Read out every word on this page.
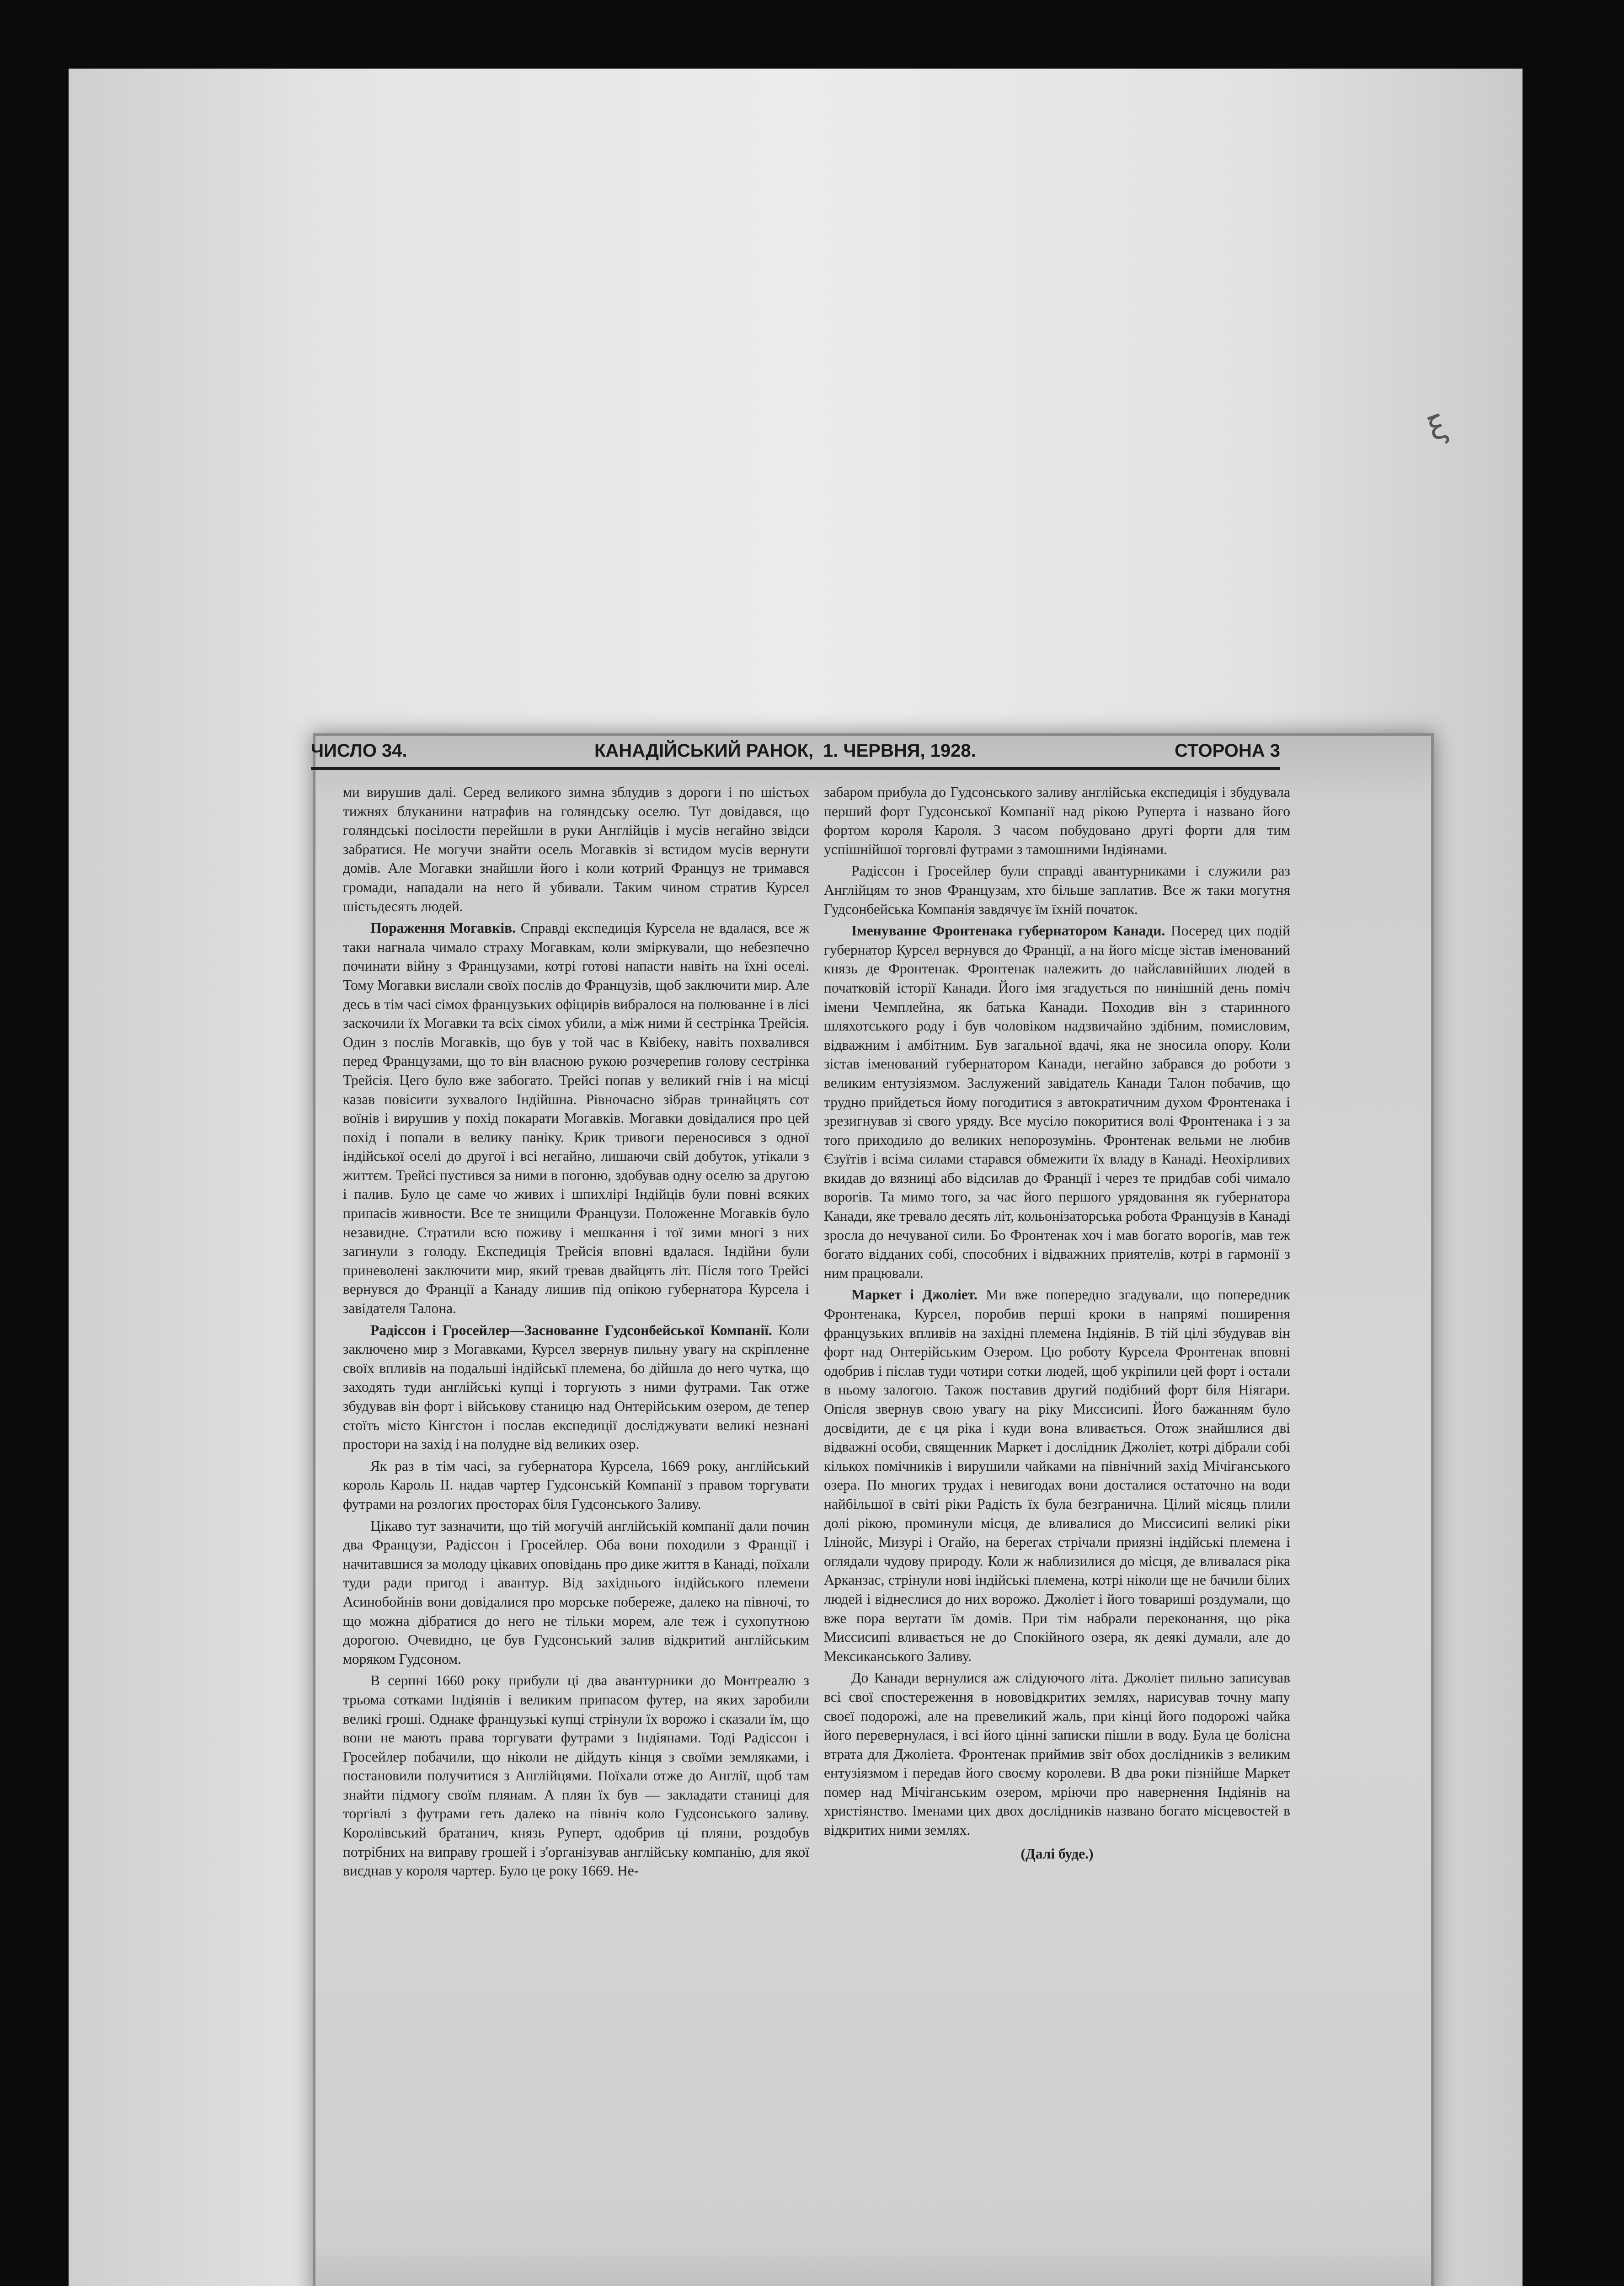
ξ
ЧИСЛО 34.	КАНАДІЙСЬКИЙ РАНОК, 1. ЧЕРВНЯ, 1928.	СТОРОНА 3

ми вирушив далі. Серед великого зимна зблудив з дороги і по шістьох тижнях блуканини натрафив на голяндську оселю. Тут довідався, що голяндські посілости перейшли в руки Англійців і мусів негайно звідси забратися. Не могучи знайти осель Могавків зі встидом мусів вернути домів. Але Могавки знайшли його і коли котрий Француз не тримався громади, нападали на него й убивали. Таким чином стратив Курсел шістьдесять людей.

Пораження Могавків. Справді експедиція Курсела не вдалася, все ж таки нагнала чимало страху Могавкам, коли зміркували, що небезпечно починати війну з Французами, котрі готові напасти навіть на їхні оселі. Тому Могавки вислали своїх послів до Французів, щоб заключити мир. Але десь в тім часі сімох французьких офіцирів вибралося на полюванне і в лісі заскочили їх Могавки та всіх сімох убили, а між ними й сестрінка Трейсія. Один з послів Могавків, що був у той час в Квібеку, навіть похвалився перед Французами, що то він власною рукою розчерепив голову сестрінка Трейсія. Цего було вже забогато. Трейсі попав у великий гнів і на місці казав повісити зухвалого Індійшна. Рівночасно зібрав тринайцять сот воїнів і вирушив у похід покарати Могавків. Могавки довідалися про цей похід і попали в велику паніку. Крик тривоги переносився з одної індійської оселі до другої і всі негайно, лишаючи свій добуток, утікали з життєм. Трейсі пустився за ними в погоню, здобував одну оселю за другою і палив. Було це саме чо живих і шпихлірі Індійців були повні всяких припасів живности. Все те знищили Французи. Положенне Могавків було незавидне. Стратили всю поживу і мешкання і тої зими многі з них загинули з голоду. Експедиція Трейсія вповні вдалася. Індійни були приневолені заключити мир, який тревав двайцять літ. Після того Трейсі вернувся до Франції а Канаду лишив під опікою губернатора Курсела і завідателя Талона.

Радіссон і Гросейлер—Заснованне Гудсонбейської Компанії. Коли заключено мир з Могавками, Курсел звернув пильну увагу на скріпленне своїх впливів на подальші індійськї племена, бо дійшла до него чутка, що заходять туди англійські купці і торгують з ними футрами. Так отже збудував він форт і військову станицю над Онтерійським озером, де тепер стоїть місто Кінгстон і послав експедиції досліджувати великі незнані простори на захід і на полудне від великих озер.

Як раз в тім часі, за губернатора Курсела, 1669 року, англійський король Кароль II. надав чартер Гудсонській Компанії з правом торгувати футрами на розлогих просторах біля Гудсонського Заливу.

Цікаво тут зазначити, що тій могучій англійській компанії дали почин два Французи, Радіссон і Гросейлер. Оба вони походили з Франції і начитавшися за молоду цікавих оповідань про дике життя в Канаді, поїхали туди ради пригод і авантур. Від західнього індійського племени Асинобойнів вони довідалися про морське побереже, далеко на півночі, то що можна дібратися до него не тільки морем, але теж і сухопутною дорогою. Очевидно, це був Гудсонський залив відкритий англійським моряком Гудсоном.

В серпні 1660 року прибули ці два авантурники до Монтреалю з трьома сотками Індіянів і великим припасом футер, на яких заробили великі гроші. Однаке французькі купці стрінули їх ворожо і сказали їм, що вони не мають права торгувати футрами з Індіянами. Тоді Радіссон і Гросейлер побачили, що ніколи не дійдуть кінця з своїми земляками, і постановили получитися з Англійцями. Поїхали отже до Англії, щоб там знайти підмогу своїм плянам. А плян їх був — закладати станиці для торгівлі з футрами геть далеко на північ коло Гудсонського заливу. Королівський братанич, князь Руперт, одобрив ці пляни, роздобув потрібних на виправу грошей і з'організував англійську компанію, для якої виєднав у короля чартер. Було це року 1669. Не-

забаром прибула до Гудсонського заливу англійська експедиція і збудувала перший форт Гудсонської Компанії над рікою Руперта і названо його фортом короля Кароля. З часом побудовано другі форти для тим успішнійшої торговлі футрами з тамошними Індіянами.

Радіссон і Гросейлер були справді авантурниками і служили раз Англійцям то знов Французам, хто більше заплатив. Все ж таки могутня Гудсонбейська Компанія завдячує їм їхній початок.

Іменуванне Фронтенака губернатором Канади. Посеред цих подій губернатор Курсел вернувся до Франції, а на його місце зістав іменований князь де Фронтенак. Фронтенак належить до найславнійших людей в початковій історії Канади. Його імя згадується по нинішній день поміч імени Чемплейна, як батька Канади. Походив він з старинного шляхотського роду і був чоловіком надзвичайно здібним, помисловим, відважним і амбітним. Був загальної вдачі, яка не зносила опору. Коли зістав іменований губернатором Канади, негайно забрався до роботи з великим ентузіязмом. Заслужений завідатель Канади Талон побачив, що трудно прийдеться йому погодитися з автократичним духом Фронтенака і зрезигнував зі свого уряду. Все мусіло покоритися волі Фронтенака і з за того приходило до великих непорозумінь. Фронтенак вельми не любив Єзуїтів і всіма силами старався обмежити їх владу в Канаді. Неохірливих вкидав до вязниці або відсилав до Франції і через те придбав собі чимало ворогів. Та мимо того, за час його першого урядовання як губернатора Канади, яке тревало десять літ, кольонізаторська робота Французів в Канаді зросла до нечуваної сили. Бо Фронтенак хоч і мав богато ворогів, мав теж богато відданих собі, способних і відважних приятелів, котрі в гармонії з ним працювали.

Маркет і Джоліет. Ми вже попередно згадували, що попередник Фронтенака, Курсел, поробив перші кроки в напрямі поширення французьких впливів на західні племена Індіянів. В тій цілі збудував він форт над Онтерійським Озером. Цю роботу Курсела Фронтенак вповні одобрив і післав туди чотири сотки людей, щоб укріпили цей форт і остали в ньому залогою. Також поставив другий подібний форт біля Ніягари. Опісля звернув свою увагу на ріку Миссисипі. Його бажанням було досвідити, де є ця ріка і куди вона вливається. Отож знайшлися дві відважні особи, священник Маркет і дослідник Джоліет, котрі дібрали собі кількох помічників і вирушили чайками на північний захід Мічіганського озера. По многих трудах і невигодах вони досталися остаточно на води найбільшої в світі ріки Радість їх була безгранична. Цілий місяць плили долі рікою, проминули місця, де вливалися до Миссисипі великі ріки Ілінойс, Мизурі і Огайо, на берегах стрічали приязні індійські племена і оглядали чудову природу. Коли ж наблизилися до місця, де вливалася ріка Арканзас, стрінули нові індійські племена, котрі ніколи ще не бачили білих людей і віднеслися до них ворожо. Джоліет і його товариші роздумали, що вже пора вертати їм домів. При тім набрали переконання, що ріка Миссисипі вливається не до Спокійного озера, як деякі думали, але до Мексиканського Заливу.

До Канади вернулися аж слідуючого літа. Джоліет пильно записував всі свої спостереження в нововідкритих землях, нарисував точну мапу своєї подорожі, але на превеликий жаль, при кінці його подорожі чайка його перевернулася, і всі його цінні записки пішли в воду. Була це болісна втрата для Джоліета. Фронтенак приймив звіт обох дослідників з великим ентузіязмом і передав його своєму королеви. В два роки пізнійше Маркет помер над Мічіганським озером, мріючи про навернення Індіянів на христіянство. Іменами цих двох дослідників названо богато місцевостей в відкритих ними землях.

(Далі буде.)
